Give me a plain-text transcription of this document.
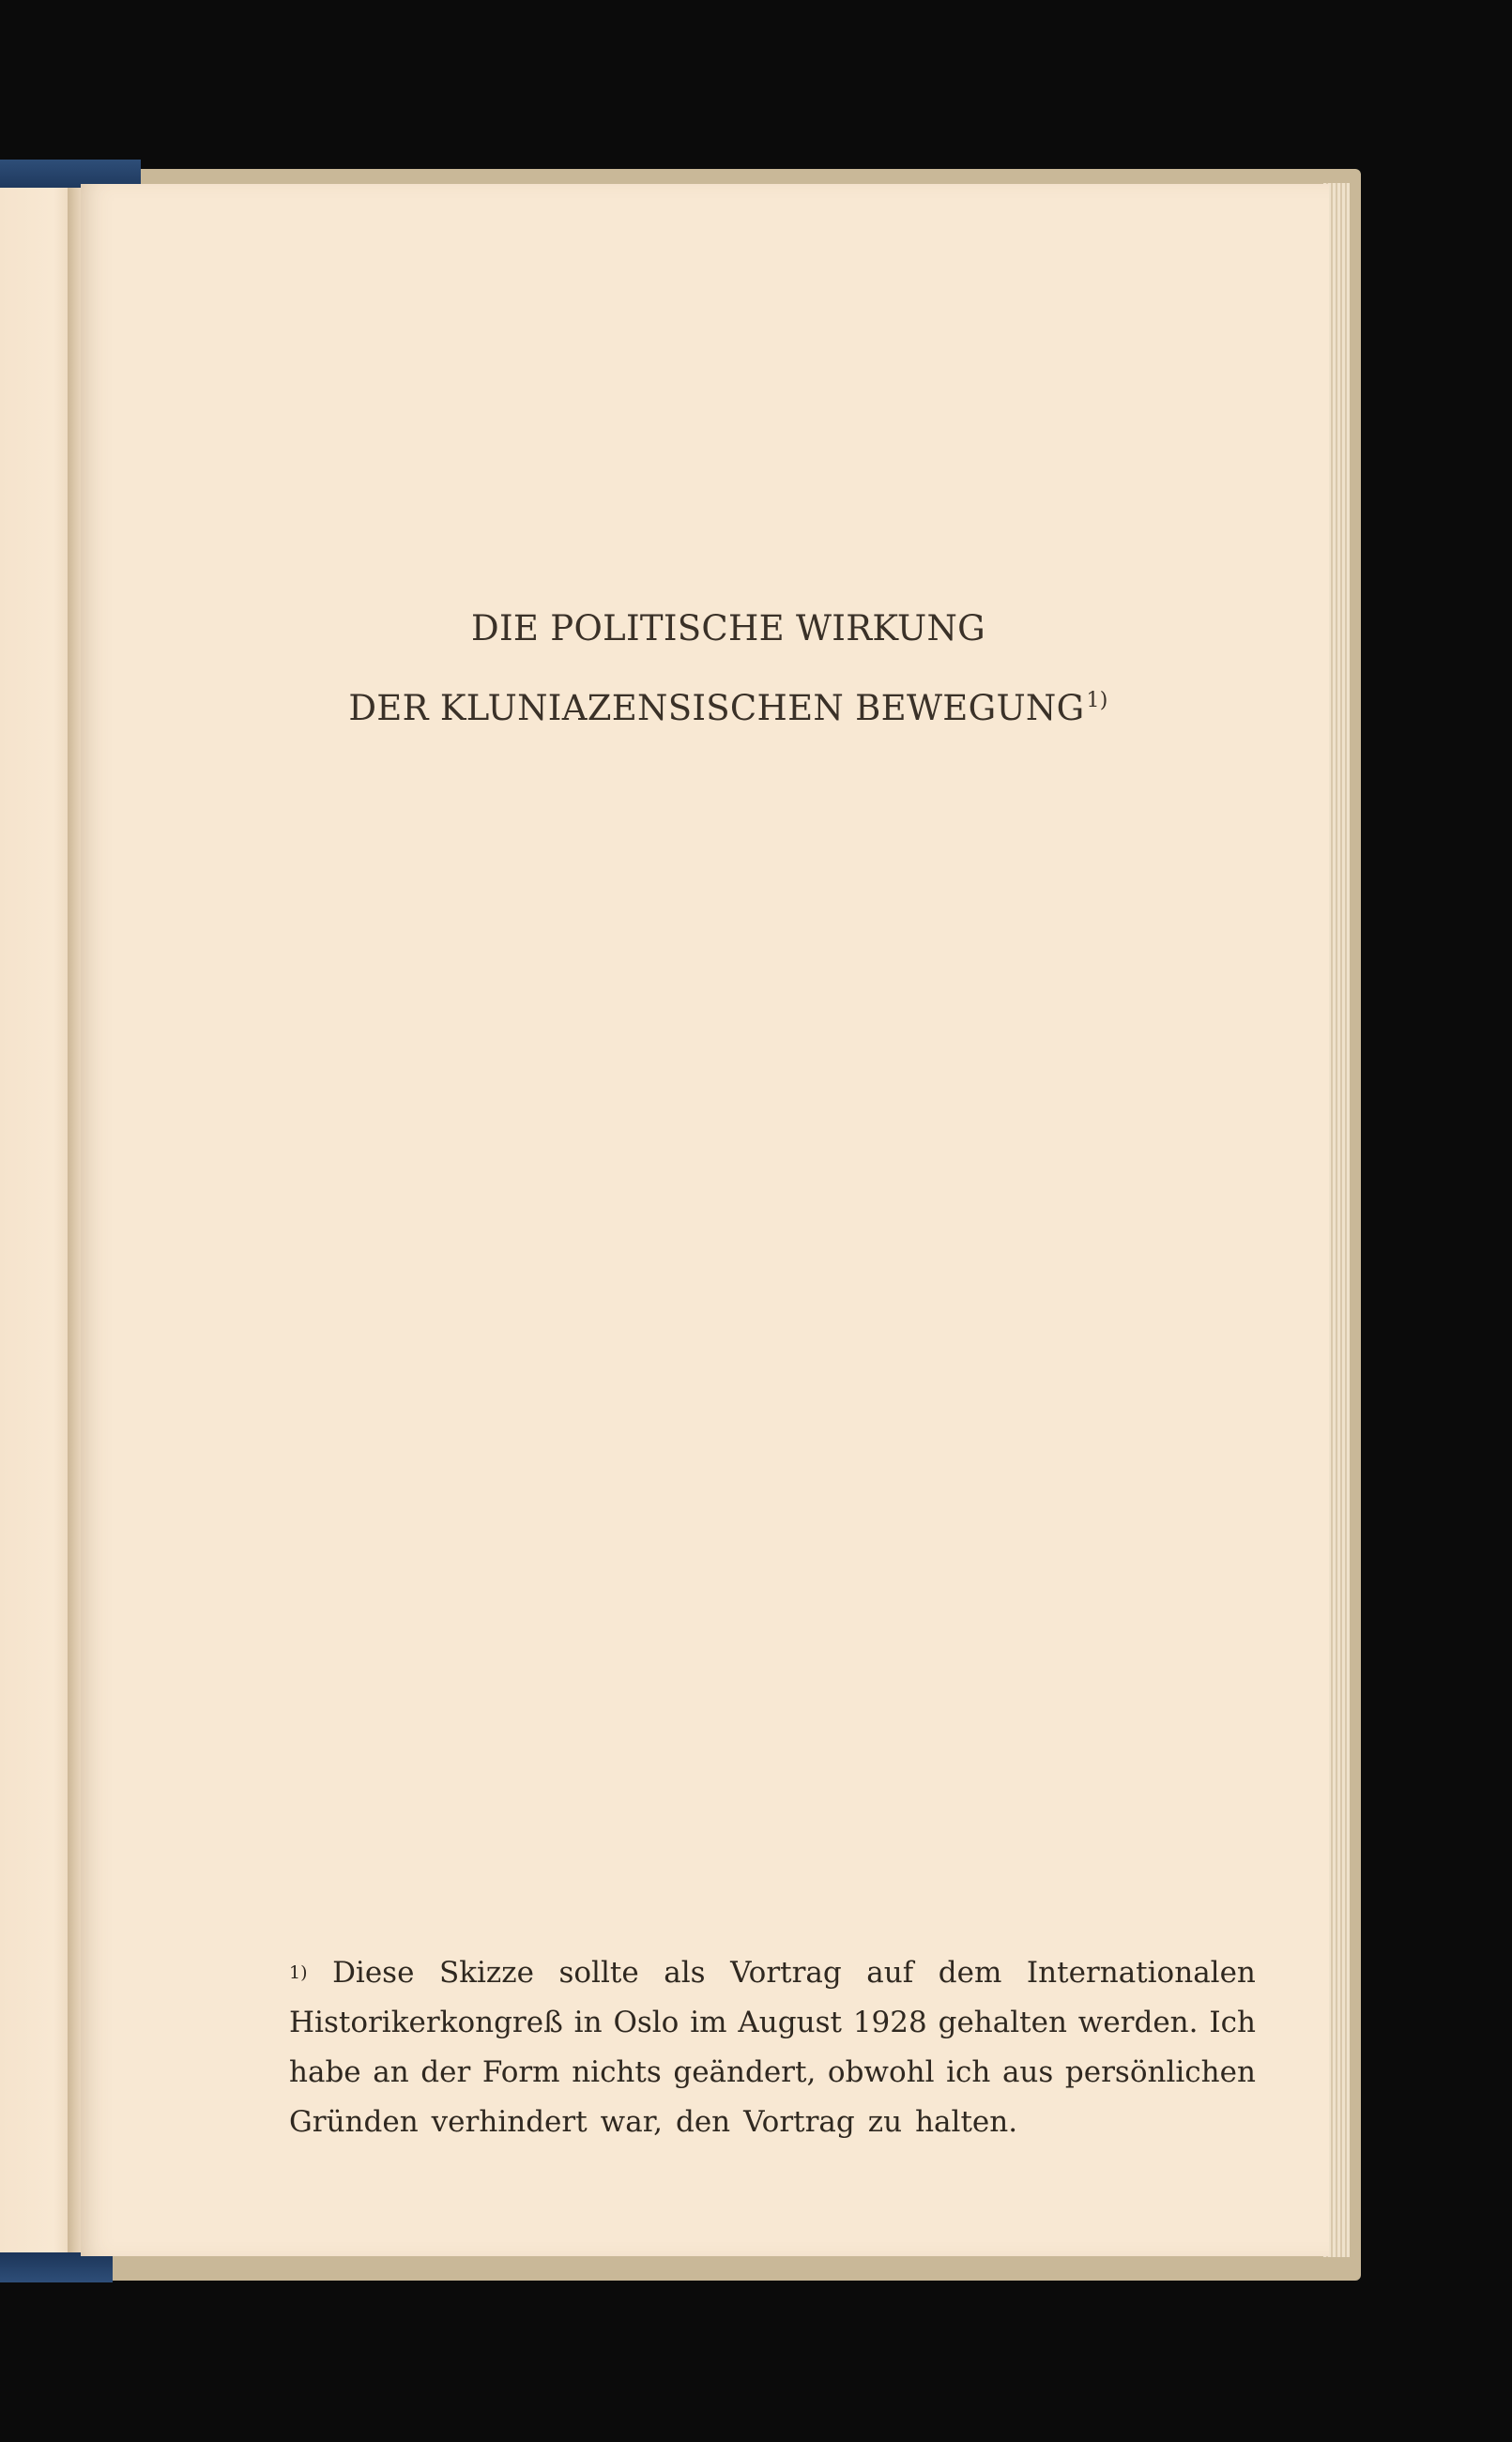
DIE POLITISCHE WIRKUNG
DER KLUNIAZENSISCHEN BEWEGUNG$^{1)}$
1) Diese Skizze sollte als Vortrag auf dem Internationalen
Historikerkongreß in Oslo im August 1928 gehalten werden. Ich
habe an der Form nichts geändert, obwohl ich aus persönlichen
Gründen verhindert war, den Vortrag zu halten.
